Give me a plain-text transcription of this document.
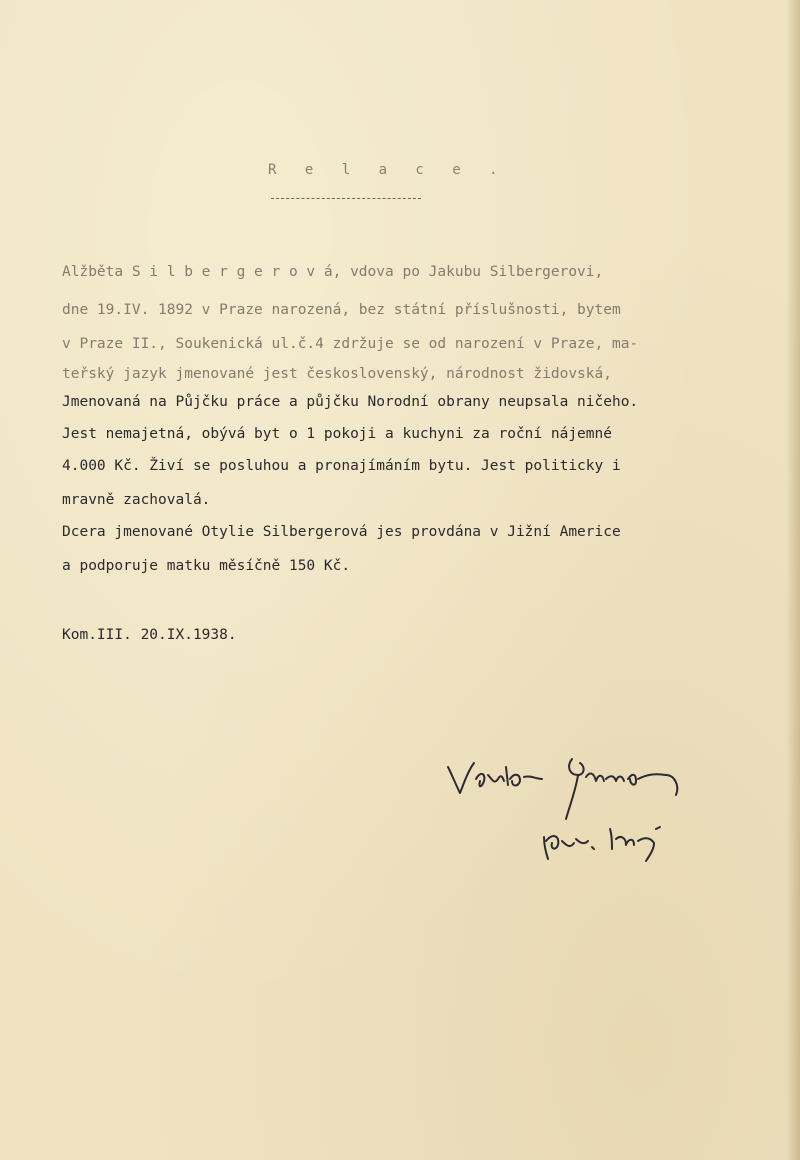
R e l a c e .
Alžběta S i l b e r g e r o v á, vdova po Jakubu Silbergerovi,
dne 19.IV. 1892 v Praze narozená, bez státní příslušnosti, bytem
v Praze II., Soukenická ul.č.4 zdržuje se od narození v Praze, ma-
teřský jazyk jmenované jest československý, národnost židovská,
Jmenovaná na Půjčku práce a půjčku Norodní obrany neupsala ničeho.
Jest nemajetná, obývá byt o 1 pokoji a kuchyni za roční nájemné
4.000 Kč. Živí se posluhou a pronajímáním bytu. Jest politicky i
mravně zachovalá.
Dcera jmenované Otylie Silbergerová jes provdána v Jižní Americe
a podporuje matku měsíčně 150 Kč.
Kom.III. 20.IX.1938.
